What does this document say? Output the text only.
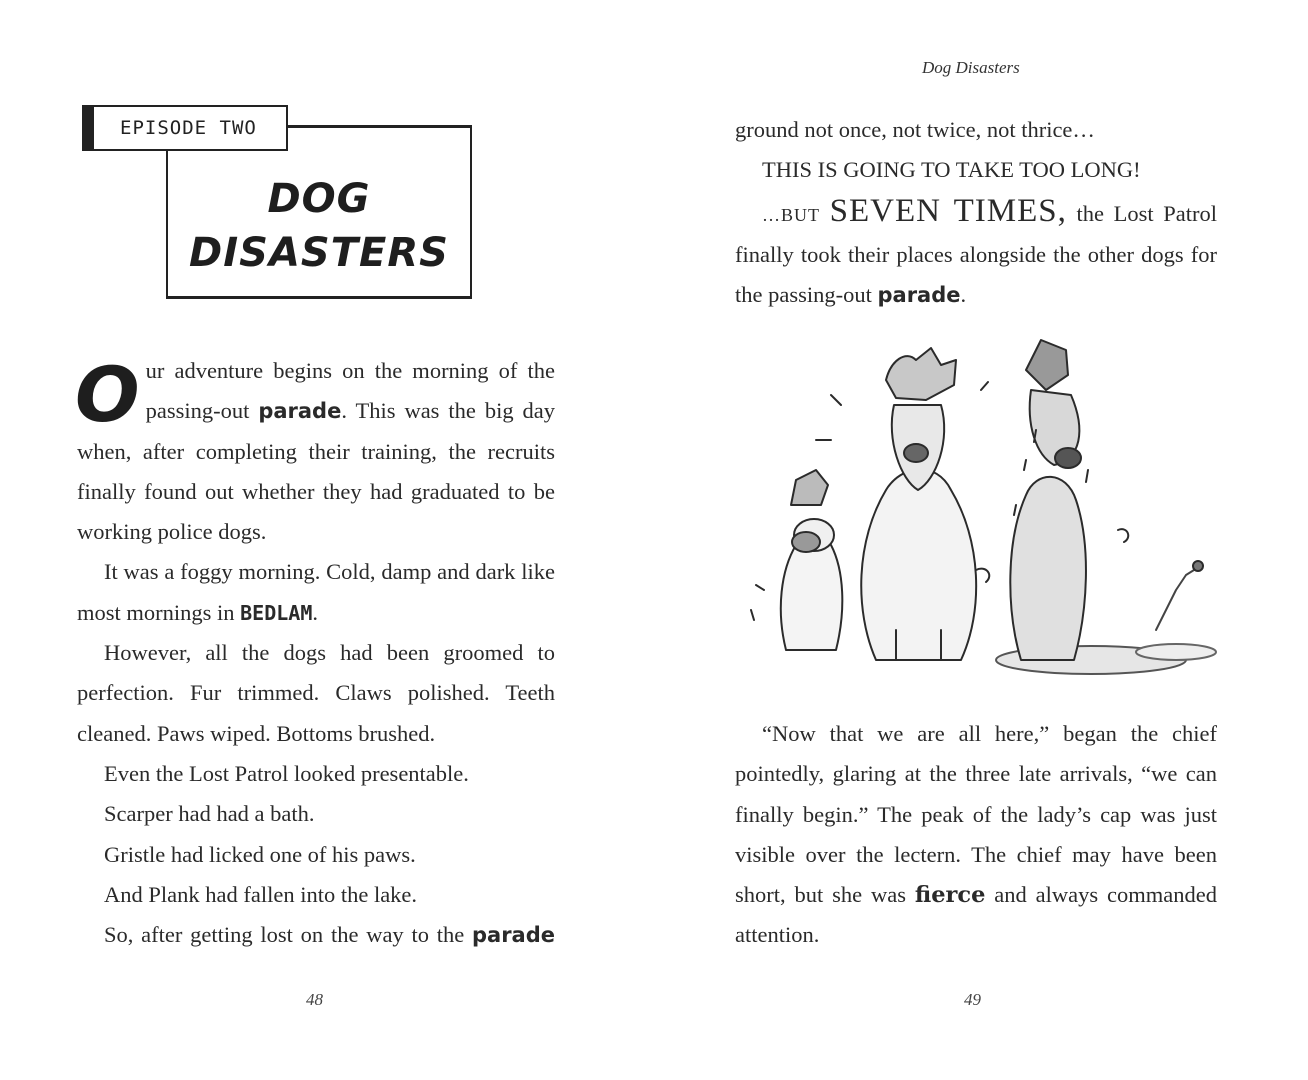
EPISODE TWO
DOG
DISASTERS

Our adventure begins on the morning of the passing-out parade. This was the big day when, after completing their training, the recruits finally found out whether they had graduated to be working police dogs.

It was a foggy morning. Cold, damp and dark like most mornings in BEDLAM.

However, all the dogs had been groomed to perfection. Fur trimmed. Claws polished. Teeth cleaned. Paws wiped. Bottoms brushed.

Even the Lost Patrol looked presentable.

Scarper had had a bath.

Gristle had licked one of his paws.

And Plank had fallen into the lake.

So, after getting lost on the way to the parade

48
Dog Disasters

ground not once, not twice, not thrice…

THIS IS GOING TO TAKE TOO LONG!

…BUT SEVEN TIMES, the Lost Patrol finally took their places alongside the other dogs for the passing-out parade.

“Now that we are all here,” began the chief pointedly, glaring at the three late arrivals, “we can finally begin.” The peak of the lady’s cap was just visible over the lectern. The chief may have been short, but she was fierce and always commanded attention.

49
